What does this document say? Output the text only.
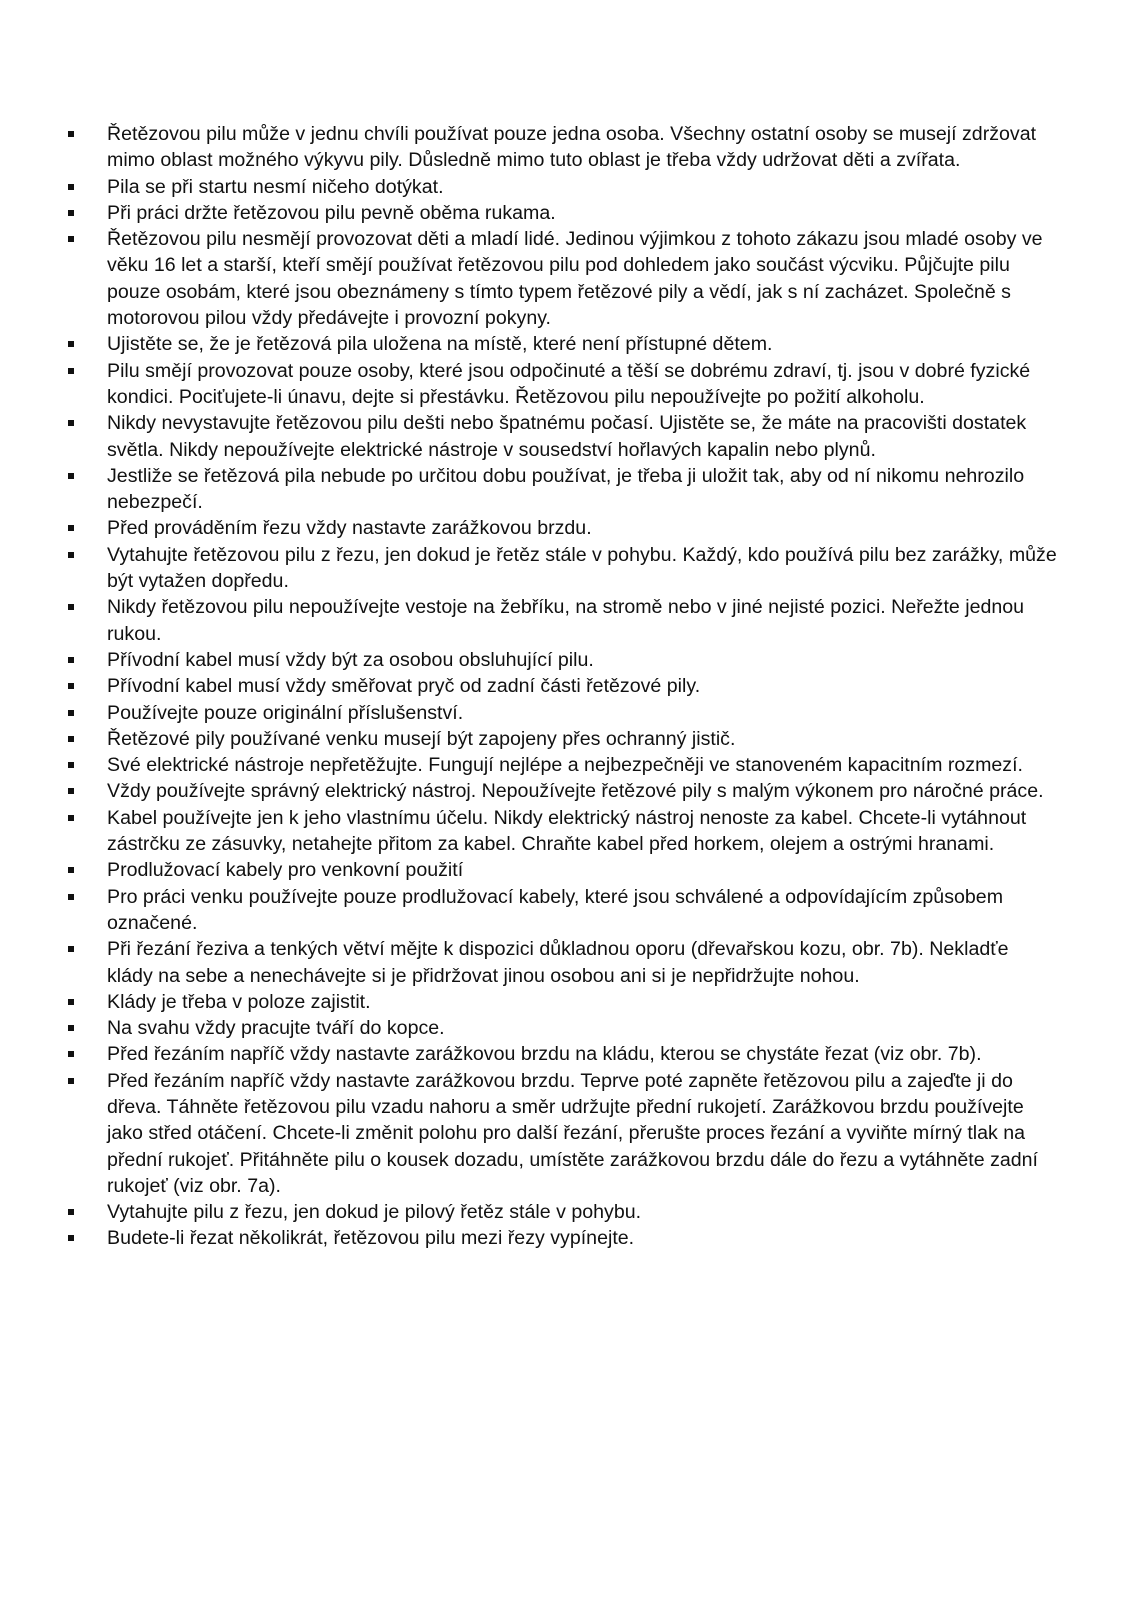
Řetězovou pilu může v jednu chvíli používat pouze jedna osoba. Všechny ostatní osoby se musejí zdržovat mimo oblast možného výkyvu pily. Důsledně mimo tuto oblast je třeba vždy udržovat děti a zvířata.
Pila se při startu nesmí ničeho dotýkat.
Při práci držte řetězovou pilu pevně oběma rukama.
Řetězovou pilu nesmějí provozovat děti a mladí lidé. Jedinou výjimkou z tohoto zákazu jsou mladé osoby ve věku 16 let a starší, kteří smějí používat řetězovou pilu pod dohledem jako součást výcviku. Půjčujte pilu pouze osobám, které jsou obeznámeny s tímto typem řetězové pily a vědí, jak s ní zacházet. Společně s motorovou pilou vždy předávejte i provozní pokyny.
Ujistěte se, že je řetězová pila uložena na místě, které není přístupné dětem.
Pilu smějí provozovat pouze osoby, které jsou odpočinuté a těší se dobrému zdraví, tj. jsou v dobré fyzické kondici. Pociťujete-li únavu, dejte si přestávku. Řetězovou pilu nepoužívejte po požití alkoholu.
Nikdy nevystavujte řetězovou pilu dešti nebo špatnému počasí. Ujistěte se, že máte na pracovišti dostatek světla. Nikdy nepoužívejte elektrické nástroje v sousedství hořlavých kapalin nebo plynů.
Jestliže se řetězová pila nebude po určitou dobu používat, je třeba ji uložit tak, aby od ní nikomu nehrozilo nebezpečí.
Před prováděním řezu vždy nastavte zarážkovou brzdu.
Vytahujte řetězovou pilu z řezu, jen dokud je řetěz stále v pohybu. Každý, kdo používá pilu bez zarážky, může být vytažen dopředu.
Nikdy řetězovou pilu nepoužívejte vestoje na žebříku, na stromě nebo v jiné nejisté pozici. Neřežte jednou rukou.
Přívodní kabel musí vždy být za osobou obsluhující pilu.
Přívodní kabel musí vždy směřovat pryč od zadní části řetězové pily.
Používejte pouze originální příslušenství.
Řetězové pily používané venku musejí být zapojeny přes ochranný jistič.
Své elektrické nástroje nepřetěžujte. Fungují nejlépe a nejbezpečněji ve stanoveném kapacitním rozmezí.
Vždy používejte správný elektrický nástroj. Nepoužívejte řetězové pily s malým výkonem pro náročné práce.
Kabel používejte jen k jeho vlastnímu účelu. Nikdy elektrický nástroj nenoste za kabel. Chcete-li vytáhnout zástrčku ze zásuvky, netahejte přitom za kabel. Chraňte kabel před horkem, olejem a ostrými hranami.
Prodlužovací kabely pro venkovní použití
Pro práci venku používejte pouze prodlužovací kabely, které jsou schválené a odpovídajícím způsobem označené.
Při řezání řeziva a tenkých větví mějte k dispozici důkladnou oporu (dřevařskou kozu, obr. 7b). Nekladťe klády na sebe a nenechávejte si je přidržovat jinou osobou ani si je nepřidržujte nohou.
Klády je třeba v poloze zajistit.
Na svahu vždy pracujte tváří do kopce.
Před řezáním napříč vždy nastavte zarážkovou brzdu na kládu, kterou se chystáte řezat (viz obr. 7b).
Před řezáním napříč vždy nastavte zarážkovou brzdu. Teprve poté zapněte řetězovou pilu a zajeďte ji do dřeva. Táhněte řetězovou pilu vzadu nahoru a směr udržujte přední rukojetí. Zarážkovou brzdu používejte jako střed otáčení. Chcete-li změnit polohu pro další řezání, přerušte proces řezání a vyviňte mírný tlak na přední rukojeť. Přitáhněte pilu o kousek dozadu, umístěte zarážkovou brzdu dále do řezu a vytáhněte zadní rukojeť (viz obr. 7a).
Vytahujte pilu z řezu, jen dokud je pilový řetěz stále v pohybu.
Budete-li řezat několikrát, řetězovou pilu mezi řezy vypínejte.
